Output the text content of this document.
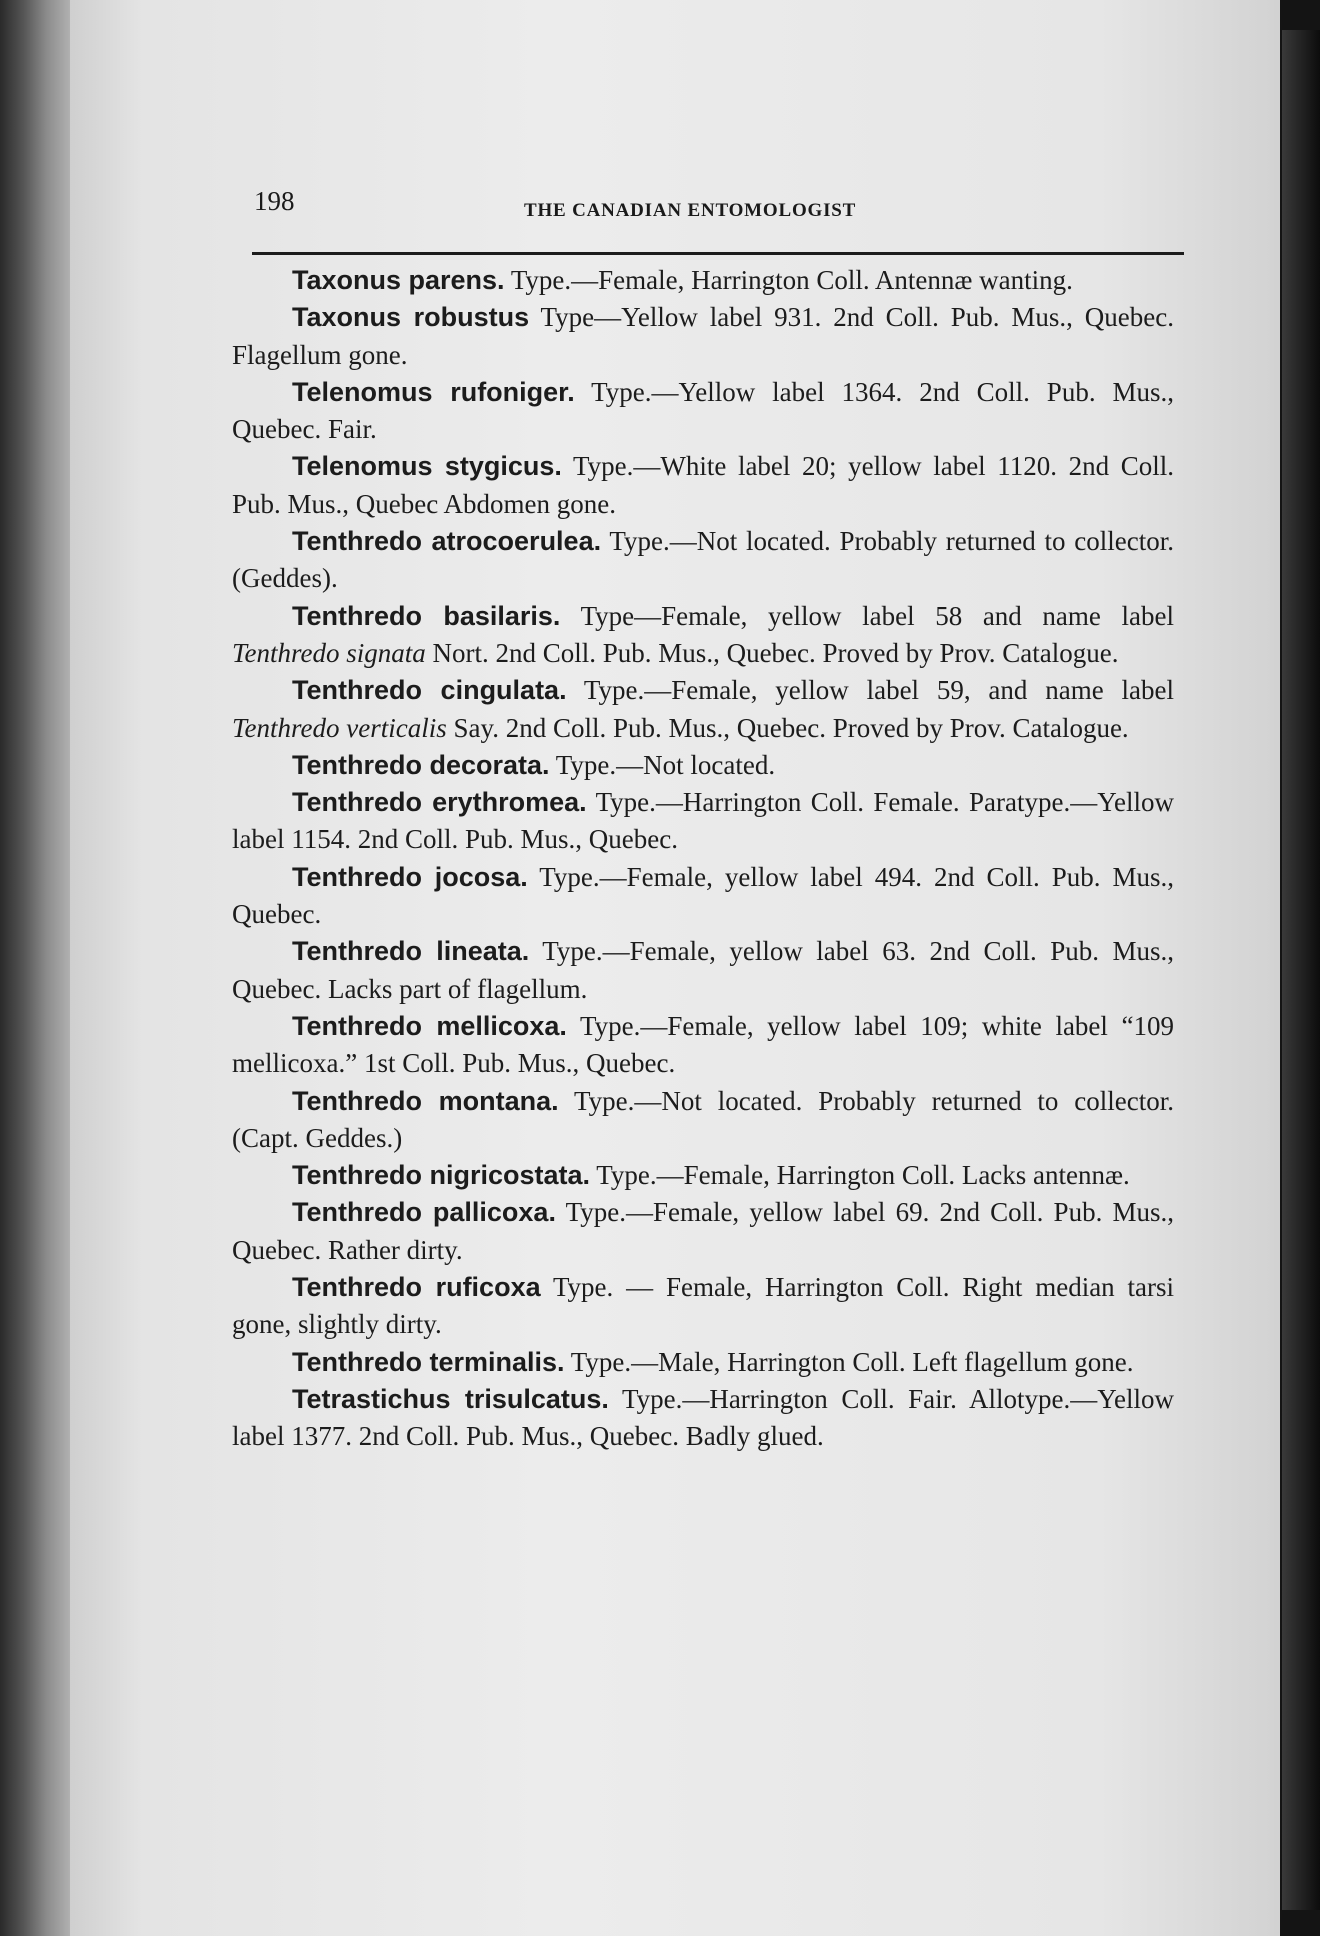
198	THE CANADIAN ENTOMOLOGIST

Taxonus parens. Type.—Female, Harrington Coll. Antennæ wanting.

Taxonus robustus Type—Yellow label 931. 2nd Coll. Pub. Mus., Quebec. Flagellum gone.

Telenomus rufoniger. Type.—Yellow label 1364. 2nd Coll. Pub. Mus., Quebec. Fair.

Telenomus stygicus. Type.—White label 20; yellow label 1120. 2nd Coll. Pub. Mus., Quebec Abdomen gone.

Tenthredo atrocoerulea. Type.—Not located. Probably returned to collector. (Geddes).

Tenthredo basilaris. Type—Female, yellow label 58 and name label Tenthredo signata Nort. 2nd Coll. Pub. Mus., Quebec. Proved by Prov. Catalogue.

Tenthredo cingulata. Type.—Female, yellow label 59, and name label Tenthredo verticalis Say. 2nd Coll. Pub. Mus., Quebec. Proved by Prov. Catalogue.

Tenthredo decorata. Type.—Not located.

Tenthredo erythromea. Type.—Harrington Coll. Female. Paratype.—Yellow label 1154. 2nd Coll. Pub. Mus., Quebec.

Tenthredo jocosa. Type.—Female, yellow label 494. 2nd Coll. Pub. Mus., Quebec.

Tenthredo lineata. Type.—Female, yellow label 63. 2nd Coll. Pub. Mus., Quebec. Lacks part of flagellum.

Tenthredo mellicoxa. Type.—Female, yellow label 109; white label “109 mellicoxa.” 1st Coll. Pub. Mus., Quebec.

Tenthredo montana. Type.—Not located. Probably returned to collector. (Capt. Geddes.)

Tenthredo nigricostata. Type.—Female, Harrington Coll. Lacks antennæ.

Tenthredo pallicoxa. Type.—Female, yellow label 69. 2nd Coll. Pub. Mus., Quebec. Rather dirty.

Tenthredo ruficoxa Type. — Female, Harrington Coll. Right median tarsi gone, slightly dirty.

Tenthredo terminalis. Type.—Male, Harrington Coll. Left flagellum gone.

Tetrastichus trisulcatus. Type.—Harrington Coll. Fair. Allotype.—Yellow label 1377. 2nd Coll. Pub. Mus., Quebec. Badly glued.
